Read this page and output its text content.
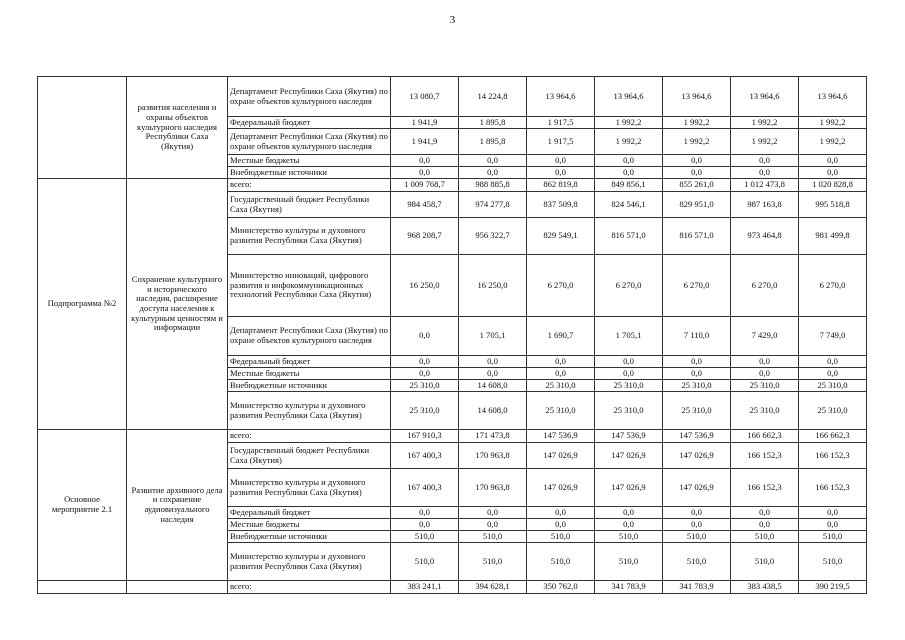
3
	развития населения и охраны объектов культурного наследия Республики Саха (Якутия)	Департамент Республики Саха (Якутия) по охране объектов культурного наследия	13 080,7	14 224,8	13 964,6	13 964,6	13 964,6	13 964,6	13 964,6
		Федеральный бюджет	1 941,9	1 895,8	1 917,5	1 992,2	1 992,2	1 992,2	1 992,2
		Департамент Республики Саха (Якутия) по охране объектов культурного наследия	1 941,9	1 895,8	1 917,5	1 992,2	1 992,2	1 992,2	1 992,2
		Местные бюджеты	0,0	0,0	0,0	0,0	0,0	0,0	0,0
		Внебюджетные источники	0,0	0,0	0,0	0,0	0,0	0,0	0,0
Подпрограмма №2	Сохранение культурного и исторического наследия, расширение доступа населения к культурным ценностям и информации	всего:	1 009 768,7	988 885,8	862 819,8	849 856,1	855 261,0	1 012 473,8	1 020 828,8
		Государственный бюджет Республики Саха (Якутия)	984 458,7	974 277,8	837 509,8	824 546,1	829 951,0	987 163,8	995 518,8
		Министерство культуры и духовного развития Республики Саха (Якутия)	968 208,7	956 322,7	829 549,1	816 571,0	816 571,0	973 464,8	981 499,8
		Министерство инноваций, цифрового развития и инфокоммуникационных технологий Республики Саха (Якутия)	16 250,0	16 250,0	6 270,0	6 270,0	6 270,0	6 270,0	6 270,0
		Департамент Республики Саха (Якутия) по охране объектов культурного наследия	0,0	1 705,1	1 690,7	1 705,1	7 110,0	7 429,0	7 749,0
		Федеральный бюджет	0,0	0,0	0,0	0,0	0,0	0,0	0,0
		Местные бюджеты	0,0	0,0	0,0	0,0	0,0	0,0	0,0
		Внебюджетные источники	25 310,0	14 608,0	25 310,0	25 310,0	25 310,0	25 310,0	25 310,0
		Министерство культуры и духовного развития Республики Саха (Якутия)	25 310,0	14 608,0	25 310,0	25 310,0	25 310,0	25 310,0	25 310,0
Основное мероприятие 2.1	Развитие архивного дела и сохранение аудиовизуального наследия	всего:	167 910,3	171 473,8	147 536,9	147 536,9	147 536,9	166 662,3	166 662,3
		Государственный бюджет Республики Саха (Якутия)	167 400,3	170 963,8	147 026,9	147 026,9	147 026,9	166 152,3	166 152,3
		Министерство культуры и духовного развития Республики Саха (Якутия)	167 400,3	170 963,8	147 026,9	147 026,9	147 026,9	166 152,3	166 152,3
		Федеральный бюджет	0,0	0,0	0,0	0,0	0,0	0,0	0,0
		Местные бюджеты	0,0	0,0	0,0	0,0	0,0	0,0	0,0
		Внебюджетные источники	510,0	510,0	510,0	510,0	510,0	510,0	510,0
		Министерство культуры и духовного развития Республики Саха (Якутия)	510,0	510,0	510,0	510,0	510,0	510,0	510,0
		всего:	383 241,1	394 628,1	350 762,0	341 783,9	341 783,9	383 438,5	390 219,5
